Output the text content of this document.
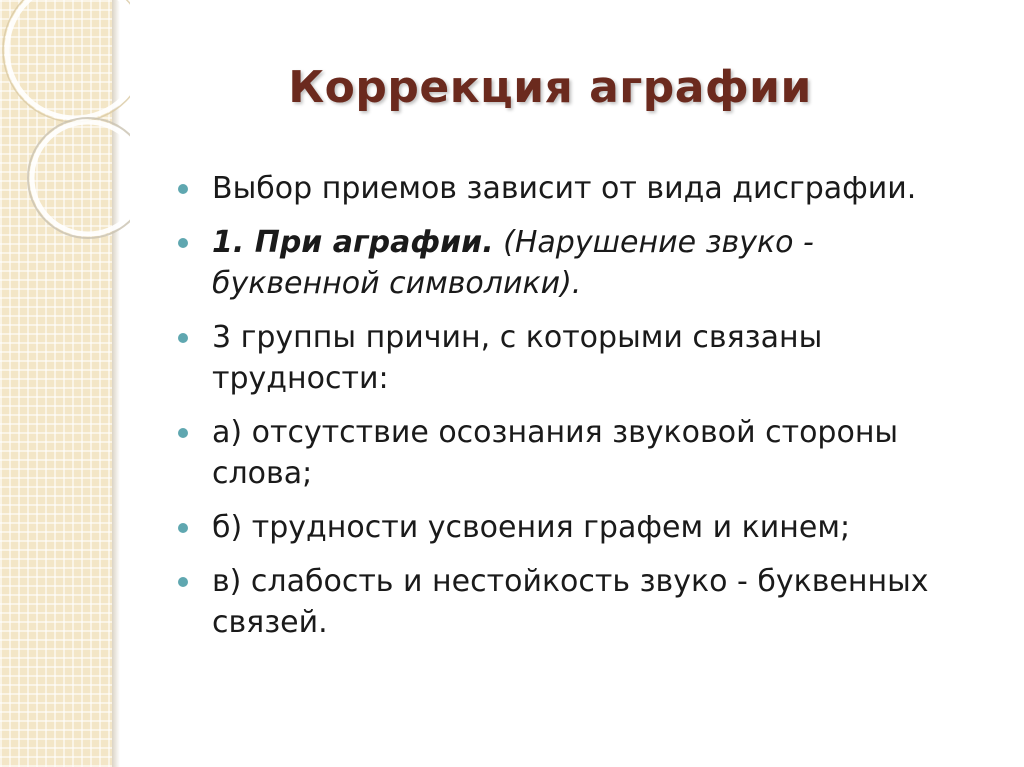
Коррекция аграфии
Выбор приемов зависит от вида дисграфии.
1. При аграфии. (Нарушение звуко - буквенной символики).
3 группы причин, с которыми связаны трудности:
а) отсутствие осознания звуковой стороны слова;
б) трудности усвоения графем и кинем;
в) слабость и нестойкость звуко - буквенных связей.
